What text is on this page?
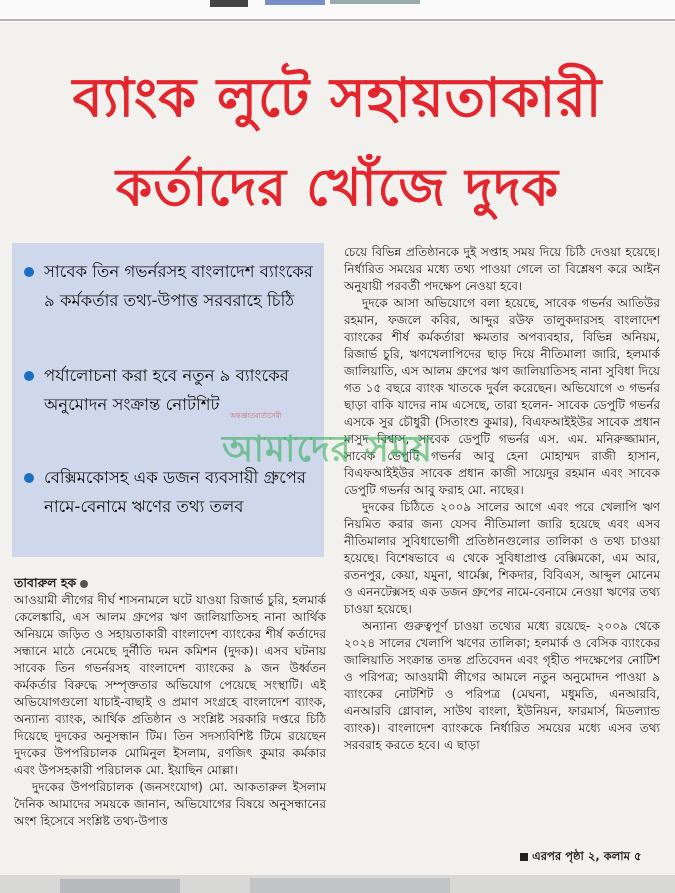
ব্যাংক লুটে সহায়তাকারী
কর্তাদের খোঁজে দুদক
সাবেক তিন গভর্নরসহ বাংলাদেশ ব্যাংকের ৯ কর্মকর্তার তথ্য-উপাত্ত সরবরাহে চিঠি
পর্যালোচনা করা হবে নতুন ৯ ব্যাংকের অনুমোদন সংক্রান্ত নোটশিট
বেক্সিমকোসহ এক ডজন ব্যবসায়ী গ্রুপের নামে-বেনামে ঋণের তথ্য তলব
তাবারুল হক

আওয়ামী লীগের দীর্ঘ শাসনামলে ঘটে যাওয়া রিজার্ভ চুরি, হলমার্ক কেলেঙ্কারি, এস আলম গ্রুপের ঋণ জালিয়াতিসহ নানা আর্থিক অনিয়মে জড়িত ও সহায়তাকারী বাংলাদেশ ব্যাংকের শীর্ষ কর্তাদের সন্ধানে মাঠে নেমেছে দুর্নীতি দমন কমিশন (দুদক)। এসব ঘটনায় সাবেক তিন গভর্নরসহ বাংলাদেশ ব্যাংকের ৯ জন উর্ধ্বতন কর্মকর্তার বিরুদ্ধে সম্পৃক্ততার অভিযোগ পেয়েছে সংস্থাটি। এই অভিযোগগুলো যাচাই-বাছাই ও প্রমাণ সংগ্রহে বাংলাদেশ ব্যাংক, অন্যান্য ব্যাংক, আর্থিক প্রতিষ্ঠান ও সংশ্লিষ্ট সরকারি দপ্তরে চিঠি দিয়েছে দুদকের অনুসন্ধান টিম। তিন সদস্যবিশিষ্ট টিমে রয়েছেন দুদকের উপপরিচালক মোমিনুল ইসলাম, রণজিৎ কুমার কর্মকার এবং উপসহকারী পরিচালক মো. ইয়াছিন মোল্লা।

দুদকের উপপরিচালক (জনসংযোগ) মো. আকতারুল ইসলাম দৈনিক আমাদের সময়কে জানান, অভিযোগের বিষয়ে অনুসন্ধানের অংশ হিসেবে সংশ্লিষ্ট তথ্য-উপাত্ত

চেয়ে বিভিন্ন প্রতিষ্ঠানকে দুই সপ্তাহ সময় দিয়ে চিঠি দেওয়া হয়েছে। নির্ধারিত সময়ের মধ্যে তথ্য পাওয়া গেলে তা বিশ্লেষণ করে আইন অনুযায়ী পরবর্তী পদক্ষেপ নেওয়া হবে।

দুদকে আসা অভিযোগে বলা হয়েছে, সাবেক গভর্নর আতিউর রহমান, ফজলে কবির, আব্দুর রউফ তালুকদারসহ বাংলাদেশ ব্যাংকের শীর্ষ কর্মকর্তারা ক্ষমতার অপব্যবহার, বিভিন্ন অনিয়ম, রিজার্ভ চুরি, ঋণখেলাপিদের ছাড় দিয়ে নীতিমালা জারি, হলমার্ক জালিয়াতি, এস আলম গ্রুপের ঋণ জালিয়াতিসহ নানা সুবিধা দিয়ে গত ১৫ বছরে ব্যাংক খাতকে দুর্বল করেছেন। অভিযোগে ৩ গভর্নর ছাড়া বাকি যাদের নাম এসেছে, তারা হলেন- সাবেক ডেপুটি গভর্নর এসকে সুর চৌধুরী (সিতাংশু কুমার), বিএফআইইউর সাবেক প্রধান মাসুদ বিশ্বাস, সাবেক ডেপুটি গভর্নর এস. এম. মনিরুজ্জামান, সাবেক ডেপুটি গভর্নর আবু হেনা মোহাম্মদ রাজী হাসান, বিএফআইইউর সাবেক প্রধান কাজী সায়েদুর রহমান এবং সাবেক ডেপুটি গভর্নর আবু ফরাহ মো. নাছের।

দুদকের চিঠিতে ২০০৯ সালের আগে এবং পরে খেলাপি ঋণ নিয়মিত করার জন্য যেসব নীতিমালা জারি হয়েছে এবং এসব নীতিমালার সুবিধাভোগী প্রতিষ্ঠানগুলোর তালিকা ও তথ্য চাওয়া হয়েছে। বিশেষভাবে এ থেকে সুবিধাপ্রাপ্ত বেক্সিমকো, এম আর, রতনপুর, কেয়া, যমুনা, থার্মেক্স, শিকদার, বিবিএস, আব্দুল মোনেম ও এননটেক্সসহ এক ডজন গ্রুপের নামে-বেনামে নেওয়া ঋণের তথ্য চাওয়া হয়েছে।

অন্যান্য গুরুত্বপূর্ণ চাওয়া তথ্যের মধ্যে রয়েছে- ২০০৯ থেকে ২০২৪ সালের খেলাপি ঋণের তালিকা; হলমার্ক ও বেসিক ব্যাংকের জালিয়াতি সংক্রান্ত তদন্ত প্রতিবেদন এবং গৃহীত পদক্ষেপের নোটিশ ও পরিপত্র; আওয়ামী লীগের আমলে নতুন অনুমোদন পাওয়া ৯ ব্যাংকের নোটশিট ও পরিপত্র (মেঘনা, মধুমতি, এনআরবি, এনআরবি গ্লোবাল, সাউথ বাংলা, ইউনিয়ন, ফারমার্স, মিডল্যান্ড ব্যাংক)। বাংলাদেশ ব্যাংককে নির্ধারিত সময়ের মধ্যে এসব তথ্য সরবরাহ করতে হবে। এ ছাড়া

অন্তর্জ্ঞাতবার্তাসেবী
আমাদের সময়
এরপর পৃষ্ঠা ২, কলাম ৫
